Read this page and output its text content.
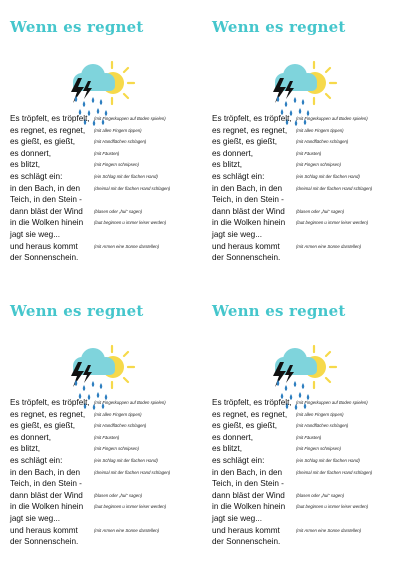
Wenn es regnet
Es tröpfelt, es tröpfelt, (mit Fingerkuppen auf Boden spielen)
es regnet, es regnet, (mit allen Fingern tippen)
es gießt, es gießt,	(mit Handflächen schlagen)
es donnert,	(mit Fäusten)
es blitzt,	(mit Fingern schnipsen)
es schlägt ein:	(ein Schlag mit der flachen Hand)
in den Bach, in den	(dreimal mit der flachen Hand schlagen)
Teich, in den Stein -
dann bläst der Wind	(blasen oder „hui“ sagen)
in die Wolken hinein	(laut beginnen u immer leiser werden)
jagt sie weg...
und heraus kommt	(mit Armen eine Sonne darstellen)
der Sonnenschein.
Wenn es regnet
Es tröpfelt, es tröpfelt, (mit Fingerkuppen auf Boden spielen)
es regnet, es regnet, (mit allen Fingern tippen)
es gießt, es gießt,	(mit Handflächen schlagen)
es donnert,	(mit Fäusten)
es blitzt,	(mit Fingern schnipsen)
es schlägt ein:	(ein Schlag mit der flachen Hand)
in den Bach, in den	(dreimal mit der flachen Hand schlagen)
Teich, in den Stein -
dann bläst der Wind	(blasen oder „hui“ sagen)
in die Wolken hinein	(laut beginnen u immer leiser werden)
jagt sie weg...
und heraus kommt	(mit Armen eine Sonne darstellen)
der Sonnenschein.
Wenn es regnet
Es tröpfelt, es tröpfelt, (mit Fingerkuppen auf Boden spielen)
es regnet, es regnet, (mit allen Fingern tippen)
es gießt, es gießt,	(mit Handflächen schlagen)
es donnert,	(mit Fäusten)
es blitzt,	(mit Fingern schnipsen)
es schlägt ein:	(ein Schlag mit der flachen Hand)
in den Bach, in den	(dreimal mit der flachen Hand schlagen)
Teich, in den Stein -
dann bläst der Wind	(blasen oder „hui“ sagen)
in die Wolken hinein	(laut beginnen u immer leiser werden)
jagt sie weg...
und heraus kommt	(mit Armen eine Sonne darstellen)
der Sonnenschein.
Wenn es regnet
Es tröpfelt, es tröpfelt, (mit Fingerkuppen auf Boden spielen)
es regnet, es regnet, (mit allen Fingern tippen)
es gießt, es gießt,	(mit Handflächen schlagen)
es donnert,	(mit Fäusten)
es blitzt,	(mit Fingern schnipsen)
es schlägt ein:	(ein Schlag mit der flachen Hand)
in den Bach, in den	(dreimal mit der flachen Hand schlagen)
Teich, in den Stein -
dann bläst der Wind	(blasen oder „hui“ sagen)
in die Wolken hinein	(laut beginnen u immer leiser werden)
jagt sie weg...
und heraus kommt	(mit Armen eine Sonne darstellen)
der Sonnenschein.
